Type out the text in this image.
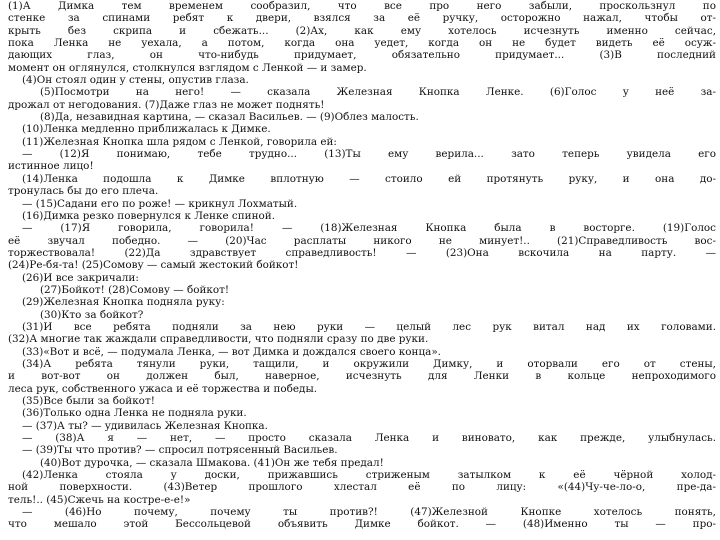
(1)А Димка тем временем сообразил, что все про него забыли, проскользнул по
стенке за спинами ребят к двери, взялся за её ручку, осторожно нажал, чтобы от-
крыть без скрипа и сбежать... (2)Ах, как ему хотелось исчезнуть именно сейчас,
пока Ленка не уехала, а потом, когда она уедет, когда он не будет видеть её осуж-
дающих глаз, он что-нибудь придумает, обязательно придумает... (3)В последний
момент он оглянулся, столкнулся взглядом с Ленкой — и замер.
(4)Он стоял один у стены, опустив глаза.
(5)Посмотри на него! — сказала Железная Кнопка Ленке. (6)Голос у неё за-
дрожал от негодования. (7)Даже глаз не может поднять!
(8)Да, незавидная картина, — сказал Васильев. — (9)Облез малость.
(10)Ленка медленно приближалась к Димке.
(11)Железная Кнопка шла рядом с Ленкой, говорила ей:
— (12)Я понимаю, тебе трудно... (13)Ты ему верила... зато теперь увидела его
истинное лицо!
(14)Ленка подошла к Димке вплотную — стоило ей протянуть руку, и она до-
тронулась бы до его плеча.
— (15)Садани его по роже! — крикнул Лохматый.
(16)Димка резко повернулся к Ленке спиной.
— (17)Я говорила, говорила! — (18)Железная Кнопка была в восторге. (19)Голос
её звучал победно. — (20)Час расплаты никого не минует!.. (21)Справедливость вос-
торжествовала! (22)Да здравствует справедливость! — (23)Она вскочила на парту. —
(24)Ре-бя-та! (25)Сомову — самый жестокий бойкот!
(26)И все закричали:
(27)Бойкот! (28)Сомову — бойкот!
(29)Железная Кнопка подняла руку:
(30)Кто за бойкот?
(31)И все ребята подняли за нею руки — целый лес рук витал над их головами.
(32)А многие так жаждали справедливости, что подняли сразу по две руки.
(33)«Вот и всё, — подумала Ленка, — вот Димка и дождался своего конца».
(34)А ребята тянули руки, тащили, и окружили Димку, и оторвали его от стены,
и вот-вот он должен был, наверное, исчезнуть для Ленки в кольце непроходимого
леса рук, собственного ужаса и её торжества и победы.
(35)Все были за бойкот!
(36)Только одна Ленка не подняла руки.
— (37)А ты? — удивилась Железная Кнопка.
— (38)А я — нет, — просто сказала Ленка и виновато, как прежде, улыбнулась.
— (39)Ты что против? — спросил потрясенный Васильев.
(40)Вот дурочка, — сказала Шмакова. (41)Он же тебя предал!
(42)Ленка стояла у доски, прижавшись стриженым затылком к её чёрной холод-
ной поверхности. (43)Ветер прошлого хлестал её по лицу: «(44)Чу-че-ло-о, пре-да-
тель!.. (45)Сжечь на костре-е-е!»
— (46)Но почему, почему ты против?! (47)Железной Кнопке хотелось понять,
что мешало этой Бессольцевой объявить Димке бойкот. — (48)Именно ты — про-
